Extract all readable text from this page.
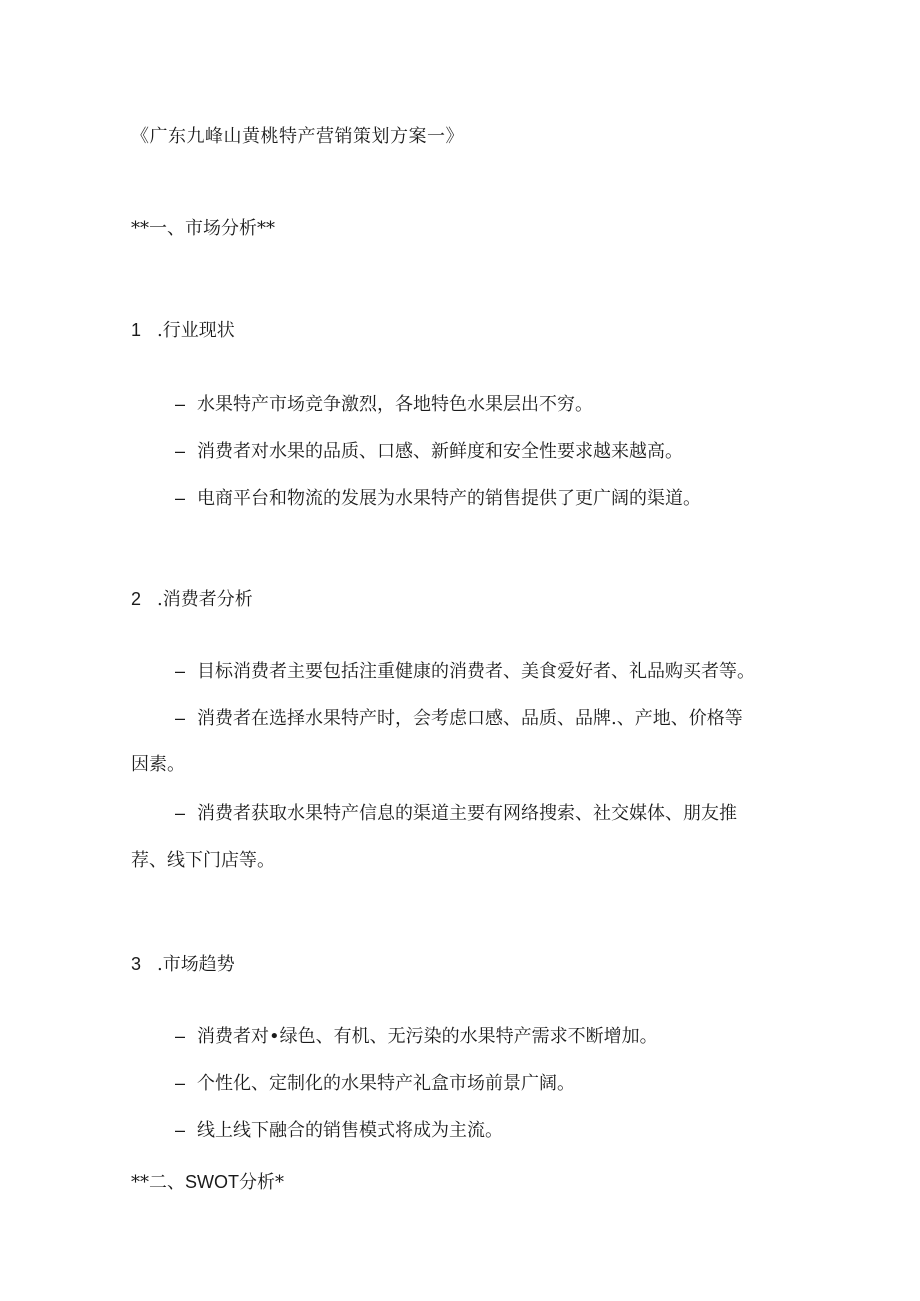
《广东九峰山黄桃特产营销策划方案一》
**一、市场分析**
1 .行业现状
– 水果特产市场竞争激烈，各地特色水果层出不穷。
– 消费者对水果的品质、口感、新鲜度和安全性要求越来越高。
– 电商平台和物流的发展为水果特产的销售提供了更广阔的渠道。
2 .消费者分析
– 目标消费者主要包括注重健康的消费者、美食爱好者、礼品购买者等。
– 消费者在选择水果特产时，会考虑口感、品质、品牌.、产地、价格等
因素。
– 消费者获取水果特产信息的渠道主要有网络搜索、社交媒体、朋友推
荐、线下门店等。
3 .市场趋势
– 消费者对•绿色、有机、无污染的水果特产需求不断增加。
– 个性化、定制化的水果特产礼盒市场前景广阔。
– 线上线下融合的销售模式将成为主流。
**二、SWOT分析*
